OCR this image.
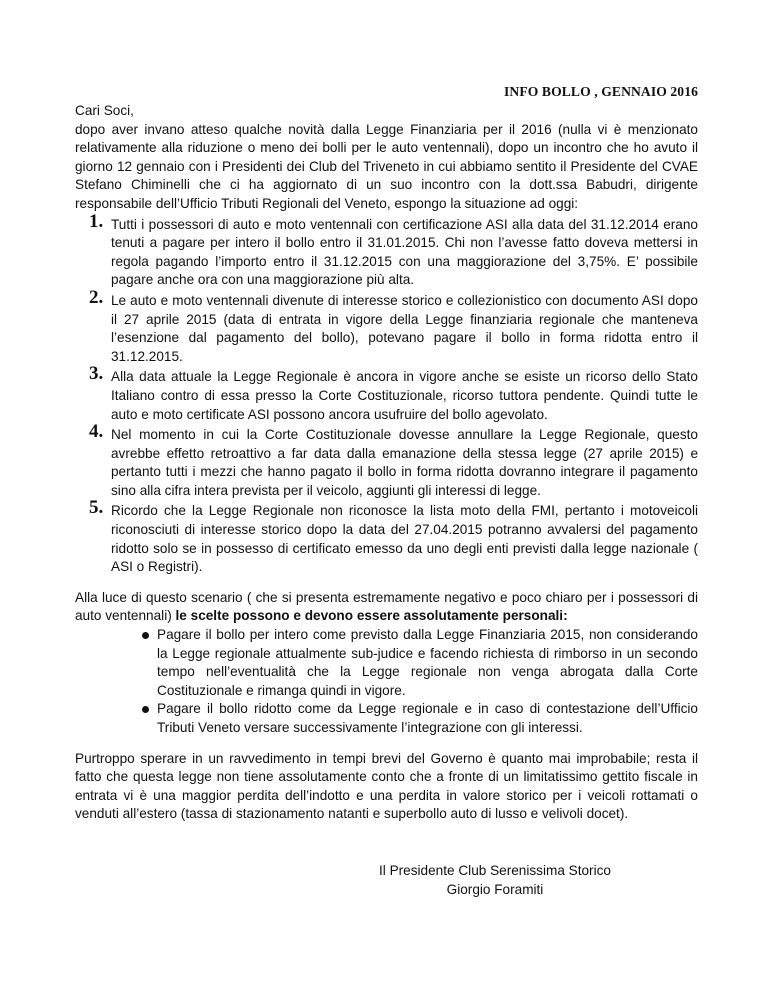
INFO BOLLO , GENNAIO 2016

Cari Soci,

dopo aver invano atteso qualche novità dalla Legge Finanziaria per il 2016 (nulla vi è menzionato relativamente alla riduzione o meno dei bolli per le auto ventennali), dopo un incontro che ho avuto il giorno 12 gennaio con i Presidenti dei Club del Triveneto in cui abbiamo sentito il Presidente del CVAE Stefano Chiminelli che ci ha aggiornato di un suo incontro con la dott.ssa Babudri, dirigente responsabile dell’Ufficio Tributi Regionali del Veneto, espongo la situazione ad oggi:

1. Tutti i possessori di auto e moto ventennali con certificazione ASI alla data del 31.12.2014 erano tenuti a pagare per intero il bollo entro il 31.01.2015. Chi non l’avesse fatto doveva mettersi in regola pagando l’importo entro il 31.12.2015 con una maggiorazione del 3,75%. E’ possibile pagare anche ora con una maggiorazione più alta.
2. Le auto e moto ventennali divenute di interesse storico e collezionistico con documento ASI dopo il 27 aprile 2015 (data di entrata in vigore della Legge finanziaria regionale che manteneva l’esenzione dal pagamento del bollo), potevano pagare il bollo in forma ridotta entro il 31.12.2015.
3. Alla data attuale la Legge Regionale è ancora in vigore anche se esiste un ricorso dello Stato Italiano contro di essa presso la Corte Costituzionale, ricorso tuttora pendente. Quindi tutte le auto e moto certificate ASI possono ancora usufruire del bollo agevolato.
4. Nel momento in cui la Corte Costituzionale dovesse annullare la Legge Regionale, questo avrebbe effetto retroattivo a far data dalla emanazione della stessa legge (27 aprile 2015) e pertanto tutti i mezzi che hanno pagato il bollo in forma ridotta dovranno integrare il pagamento sino alla cifra intera prevista per il veicolo, aggiunti gli interessi di legge.
5. Ricordo che la Legge Regionale non riconosce la lista moto della FMI, pertanto i motoveicoli riconosciuti di interesse storico dopo la data del 27.04.2015 potranno avvalersi del pagamento ridotto solo se in possesso di certificato emesso da uno degli enti previsti dalla legge nazionale ( ASI o Registri).

Alla luce di questo scenario ( che si presenta estremamente negativo e poco chiaro per i possessori di auto ventennali) le scelte possono e devono essere assolutamente personali:

Pagare il bollo per intero come previsto dalla Legge Finanziaria 2015, non considerando la Legge regionale attualmente sub-judice e facendo richiesta di rimborso in un secondo tempo nell’eventualità che la Legge regionale non venga abrogata dalla Corte Costituzionale e rimanga quindi in vigore.
Pagare il bollo ridotto come da Legge regionale e in caso di contestazione dell’Ufficio Tributi Veneto versare successivamente l’integrazione con gli interessi.

Purtroppo sperare in un ravvedimento in tempi brevi del Governo è quanto mai improbabile; resta il fatto che questa legge non tiene assolutamente conto che a fronte di un limitatissimo gettito fiscale in entrata vi è una maggior perdita dell’indotto e una perdita in valore storico per i veicoli rottamati o venduti all’estero (tassa di stazionamento natanti e superbollo auto di lusso e velivoli docet).

Il Presidente Club Serenissima Storico
Giorgio Foramiti
